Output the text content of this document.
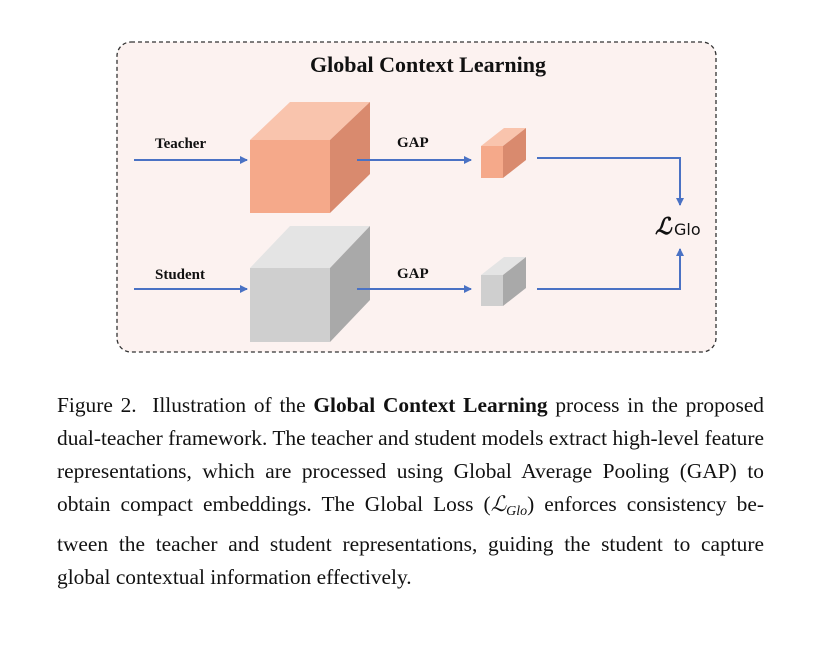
Global Context Learning
Teacher	GAP
ℒ Glo
Student	GAP

Figure 2. Illustration of the Global Context Learning process in the proposed dual-teacher framework. The teacher and student models extract high-level feature representations, which are processed using Global Average Pooling (GAP) to obtain compact embeddings. The Global Loss (ℒGlo) enforces consistency between the teacher and student representations, guiding the student to capture global contextual information effectively.
